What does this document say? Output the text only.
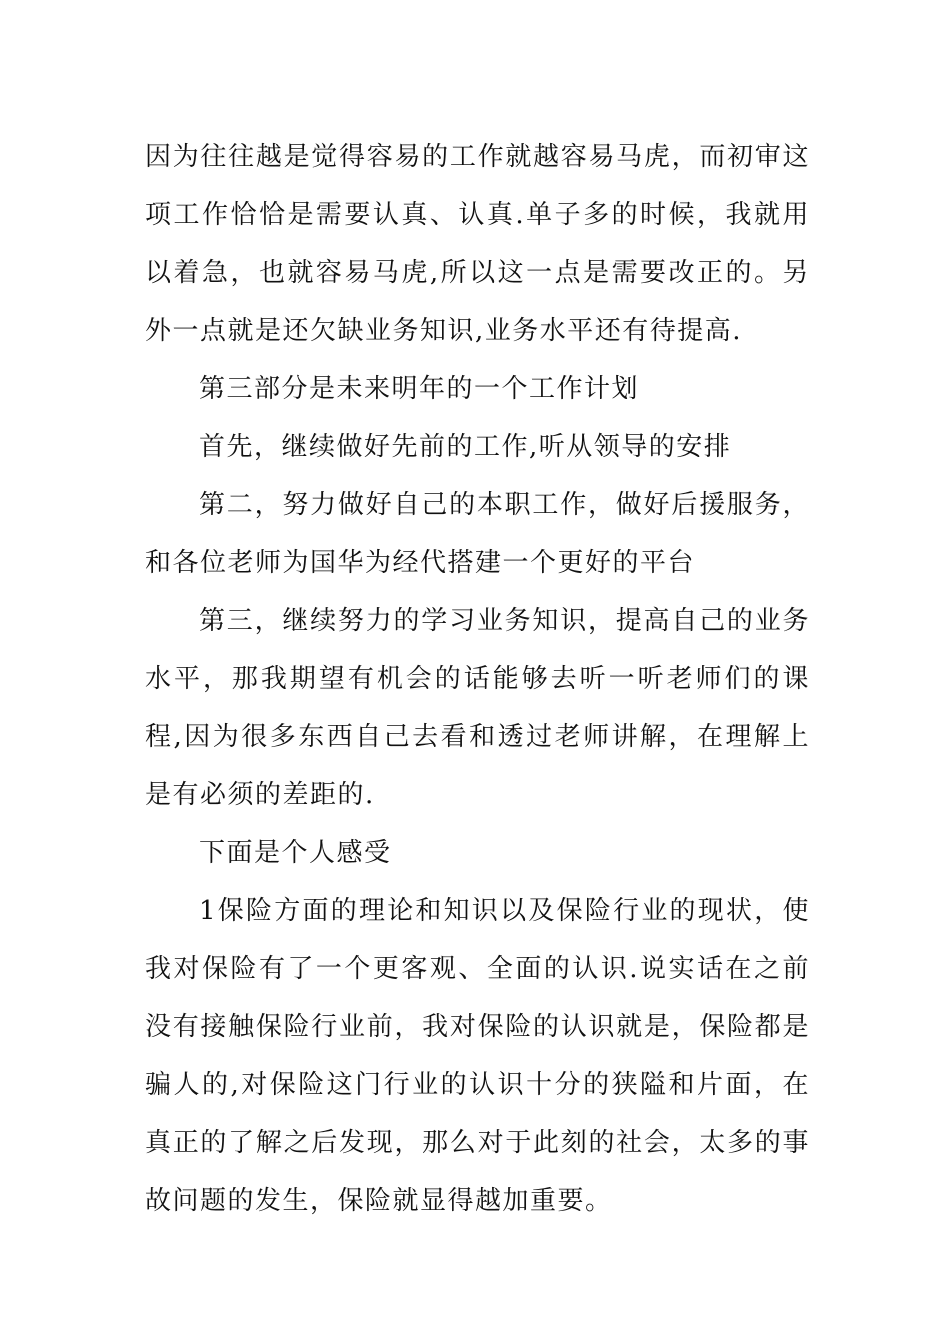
因为往往越是觉得容易的工作就越容易马虎，而初审这项工作恰恰是需要认真、认真.单子多的时候，我就用以着急，也就容易马虎,所以这一点是需要改正的。另外一点就是还欠缺业务知识,业务水平还有待提高.

第三部分是未来明年的一个工作计划

首先，继续做好先前的工作,听从领导的安排

第二，努力做好自己的本职工作，做好后援服务，和各位老师为国华为经代搭建一个更好的平台

第三，继续努力的学习业务知识，提高自己的业务水平，那我期望有机会的话能够去听一听老师们的课程,因为很多东西自己去看和透过老师讲解，在理解上是有必须的差距的.

下面是个人感受

1保险方面的理论和知识以及保险行业的现状，使我对保险有了一个更客观、全面的认识.说实话在之前没有接触保险行业前，我对保险的认识就是，保险都是骗人的,对保险这门行业的认识十分的狭隘和片面，在真正的了解之后发现，那么对于此刻的社会，太多的事故问题的发生，保险就显得越加重要。
